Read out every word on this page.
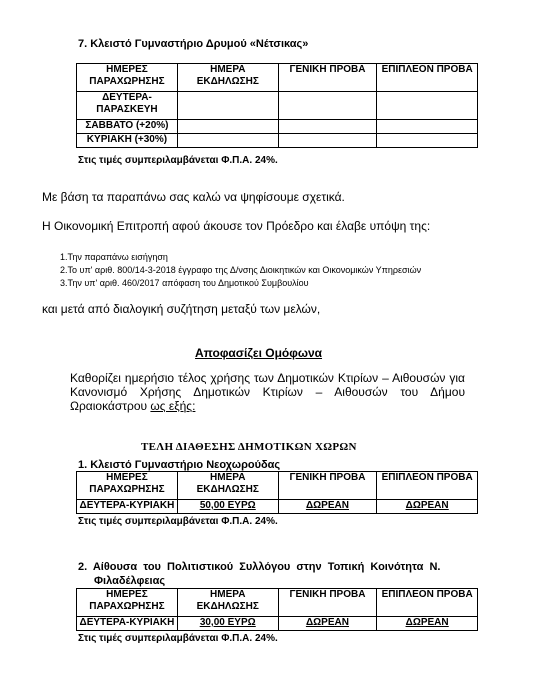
7. Κλειστό Γυμναστήριο Δρυμού «Νέτσικας»
ΗΜΕΡΕΣ ΠΑΡΑΧΩΡΗΣΗΣ	ΗΜΕΡΑ ΕΚΔΗΛΩΣΗΣ	ΓΕΝΙΚΗ ΠΡΟΒΑ	ΕΠΙΠΛΕΟΝ ΠΡΟΒΑ
ΔΕΥΤΕΡΑ-ΠΑΡΑΣΚΕΥΗ			
ΣΑΒΒΑΤΟ (+20%)			
ΚΥΡΙΑΚΗ (+30%)			
Στις τιμές συμπεριλαμβάνεται Φ.Π.Α. 24%.
Με βάση τα παραπάνω σας καλώ να ψηφίσουμε σχετικά.
Η Οικονομική Επιτροπή αφού άκουσε τον Πρόεδρο και έλαβε υπόψη της:
1.Την παραπάνω εισήγηση
2.Το υπ' αριθ. 800/14-3-2018 έγγραφο της Δ/νσης Διοικητικών και Οικονομικών Υπηρεσιών
3.Την υπ' αριθ. 460/2017 απόφαση του Δημοτικού Συμβουλίου
και μετά από διαλογική συζήτηση μεταξύ των μελών,
Αποφασίζει Ομόφωνα
Καθορίζει ημερήσιο τέλος χρήσης των Δημοτικών Κτιρίων – Αιθουσών για Κανονισμό Χρήσης Δημοτικών Κτιρίων – Αιθουσών του Δήμου Ωραιοκάστρου ως εξής:
ΤΕΛΗ ΔΙΑΘΕΣΗΣ ΔΗΜΟΤΙΚΩΝ ΧΩΡΩΝ
1. Κλειστό Γυμναστήριο Νεοχωρούδας
ΗΜΕΡΕΣ ΠΑΡΑΧΩΡΗΣΗΣ	ΗΜΕΡΑ ΕΚΔΗΛΩΣΗΣ	ΓΕΝΙΚΗ ΠΡΟΒΑ	ΕΠΙΠΛΕΟΝ ΠΡΟΒΑ
ΔΕΥΤΕΡΑ-ΚΥΡΙΑΚΗ	50,00 ΕΥΡΩ	ΔΩΡΕΑΝ	ΔΩΡΕΑΝ
Στις τιμές συμπεριλαμβάνεται Φ.Π.Α. 24%.
2. Αίθουσα του Πολιτιστικού Συλλόγου στην Τοπική Κοινότητα Ν.
Φιλαδέλφειας
ΗΜΕΡΕΣ ΠΑΡΑΧΩΡΗΣΗΣ	ΗΜΕΡΑ ΕΚΔΗΛΩΣΗΣ	ΓΕΝΙΚΗ ΠΡΟΒΑ	ΕΠΙΠΛΕΟΝ ΠΡΟΒΑ
ΔΕΥΤΕΡΑ-ΚΥΡΙΑΚΗ	30,00 ΕΥΡΩ	ΔΩΡΕΑΝ	ΔΩΡΕΑΝ
Στις τιμές συμπεριλαμβάνεται Φ.Π.Α. 24%.
